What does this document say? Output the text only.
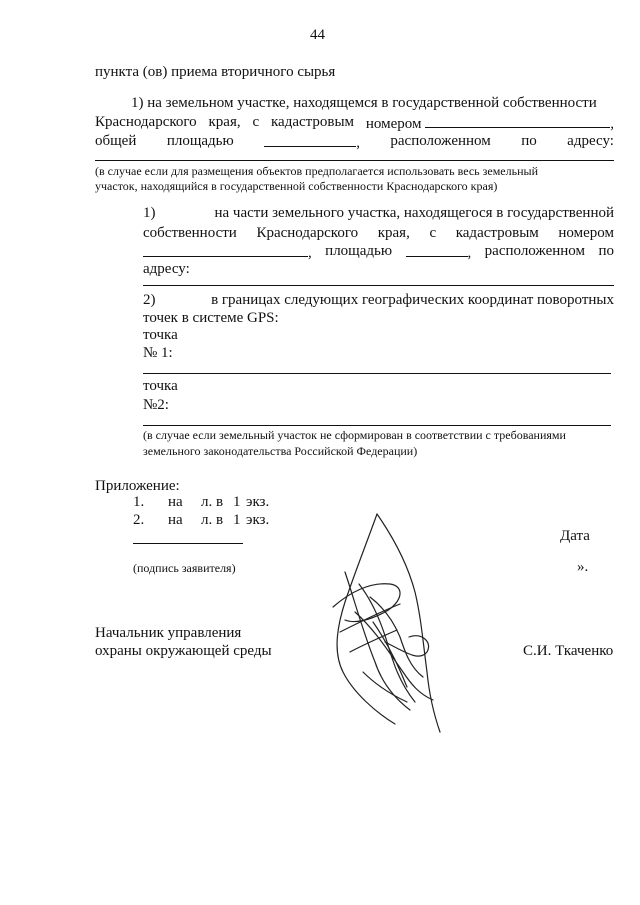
44
пункта (ов) приема вторичного сырья
1) на земельном участке, находящемся в государственной собственности
Краснодарского края, с кадастровым номером	,
общей площадью	, расположенном по адресу:
(в случае если для размещения объектов предполагается использовать весь земельный
участок, находящийся в государственной собственности Краснодарского края)
1)	на части земельного участка, находящегося в государственной
собственности Краснодарского края, с кадастровым номером
, площадью	, расположенном по
адресу:
2)	в границах следующих географических координат поворотных
точек в системе GPS:
точка
№ 1:
точка
№2:
(в случае если земельный участок не сформирован в соответствии с требованиями
земельного законодательства Российской Федерации)
Приложение:
1. на л. в 1 экз.
2. на л. в 1 экз.
Дата
(подпись заявителя)	».
Начальник управления
охраны окружающей среды	С.И. Ткаченко
